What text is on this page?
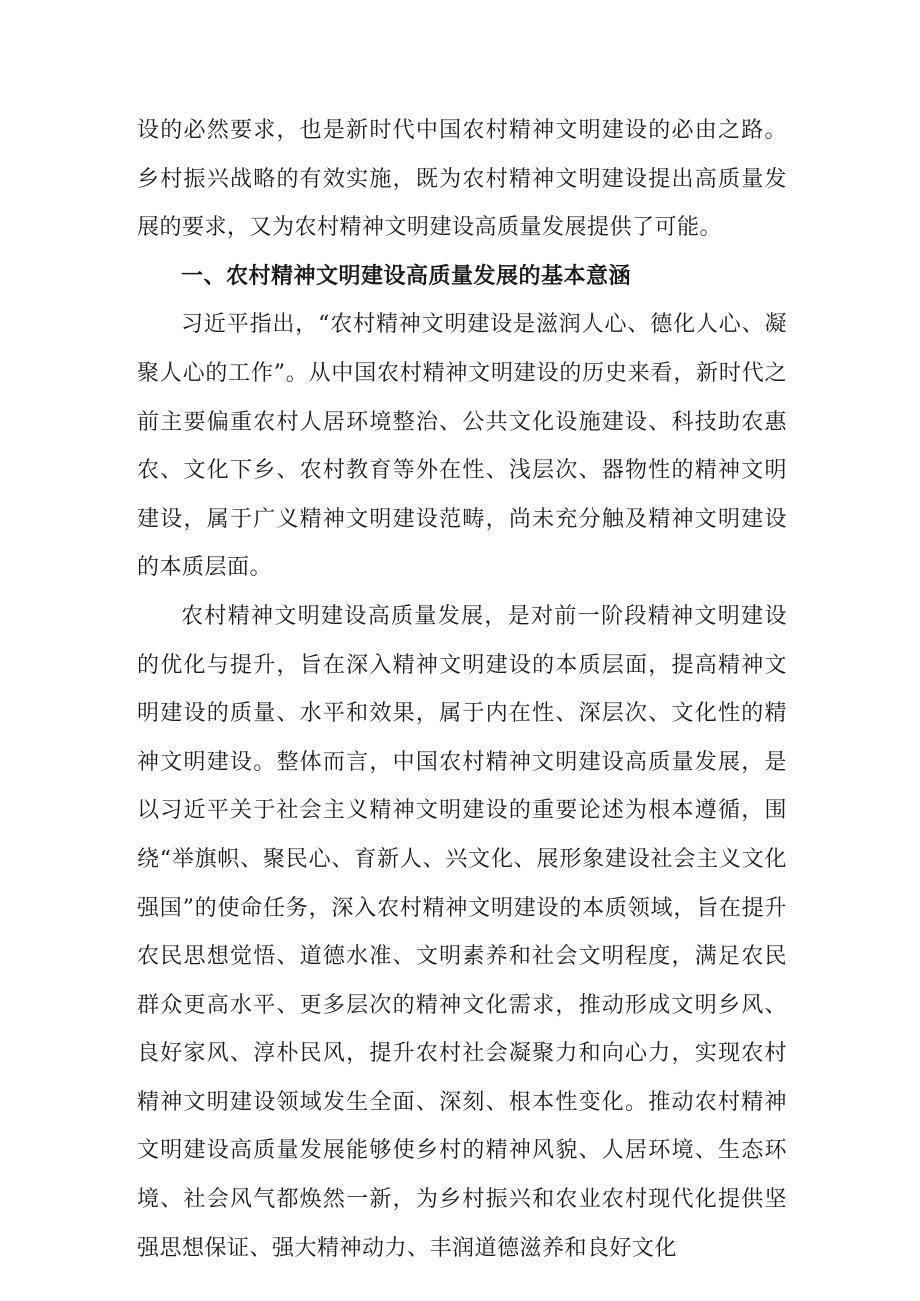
设的必然要求，也是新时代中国农村精神文明建设的必由之路。乡村振兴战略的有效实施，既为农村精神文明建设提出高质量发展的要求，又为农村精神文明建设高质量发展提供了可能。

一、农村精神文明建设高质量发展的基本意涵

习近平指出，“农村精神文明建设是滋润人心、德化人心、凝聚人心的工作”。从中国农村精神文明建设的历史来看，新时代之前主要偏重农村人居环境整治、公共文化设施建设、科技助农惠农、文化下乡、农村教育等外在性、浅层次、器物性的精神文明建设，属于广义精神文明建设范畴，尚未充分触及精神文明建设的本质层面。

农村精神文明建设高质量发展，是对前一阶段精神文明建设的优化与提升，旨在深入精神文明建设的本质层面，提高精神文明建设的质量、水平和效果，属于内在性、深层次、文化性的精神文明建设。整体而言，中国农村精神文明建设高质量发展，是以习近平关于社会主义精神文明建设的重要论述为根本遵循，围绕“举旗帜、聚民心、育新人、兴文化、展形象建设社会主义文化强国”的使命任务，深入农村精神文明建设的本质领域，旨在提升农民思想觉悟、道德水准、文明素养和社会文明程度，满足农民群众更高水平、更多层次的精神文化需求，推动形成文明乡风、良好家风、淳朴民风，提升农村社会凝聚力和向心力，实现农村精神文明建设领域发生全面、深刻、根本性变化。推动农村精神文明建设高质量发展能够使乡村的精神风貌、人居环境、生态环境、社会风气都焕然一新，为乡村振兴和农业农村现代化提供坚强思想保证、强大精神动力、丰润道德滋养和良好文化
